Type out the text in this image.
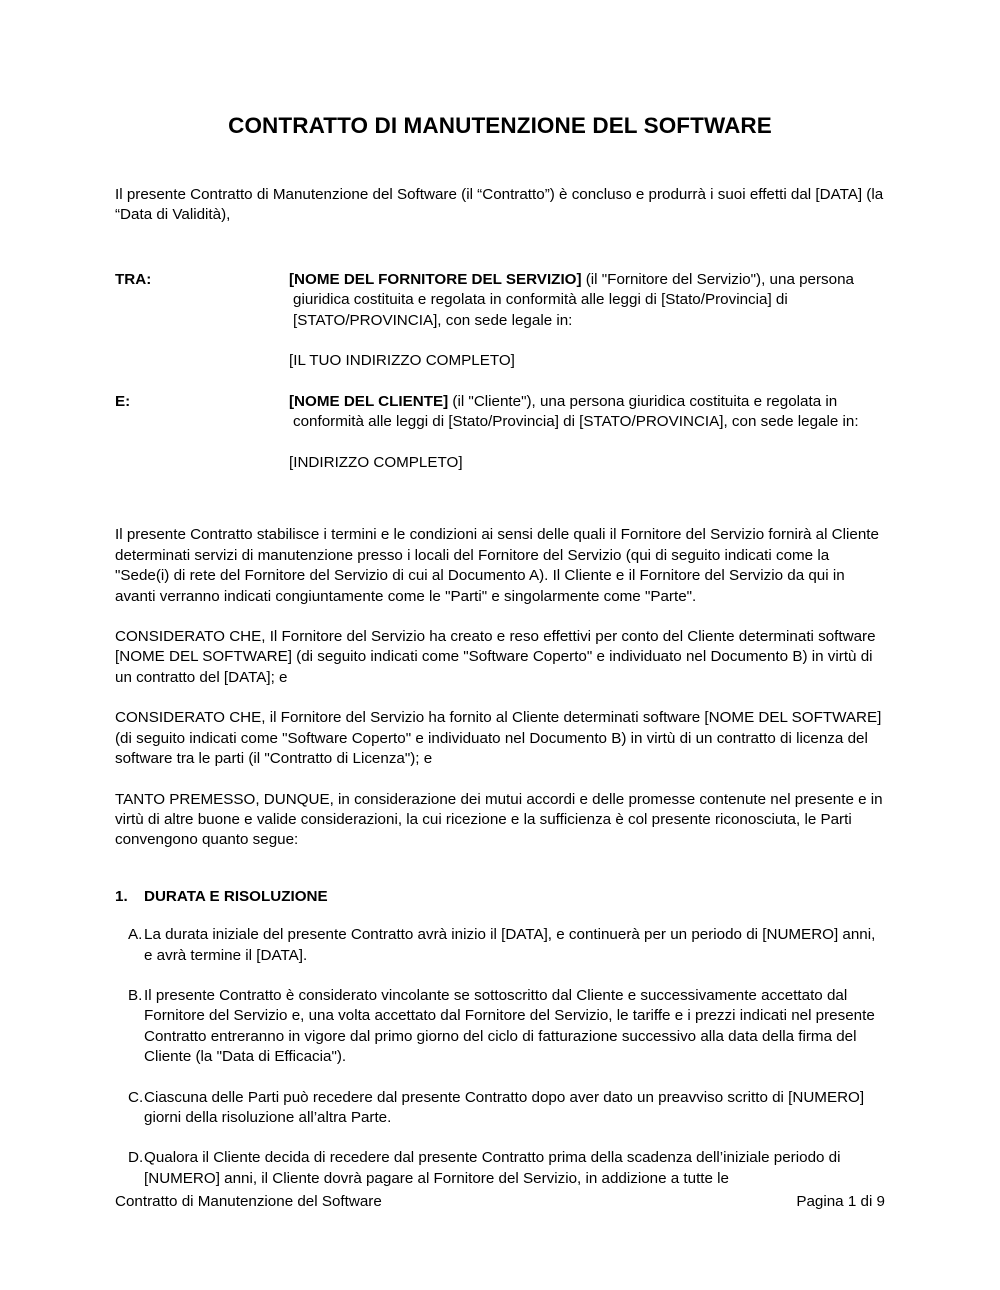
CONTRATTO DI MANUTENZIONE DEL SOFTWARE

Il presente Contratto di Manutenzione del Software (il “Contratto”) è concluso e produrrà i suoi effetti dal [DATA] (la “Data di Validità),

TRA:	[NOME DEL FORNITORE DEL SERVIZIO] (il "Fornitore del Servizio"), una persona giuridica costituita e regolata in conformità alle leggi di [Stato/Provincia] di [STATO/PROVINCIA], con sede legale in:

[IL TUO INDIRIZZO COMPLETO]

E:	[NOME DEL CLIENTE] (il "Cliente"), una persona giuridica costituita e regolata in conformità alle leggi di [Stato/Provincia] di [STATO/PROVINCIA], con sede legale in:

[INDIRIZZO COMPLETO]

Il presente Contratto stabilisce i termini e le condizioni ai sensi delle quali il Fornitore del Servizio fornirà al Cliente determinati servizi di manutenzione presso i locali del Fornitore del Servizio (qui di seguito indicati come la "Sede(i) di rete del Fornitore del Servizio di cui al Documento A). Il Cliente e il Fornitore del Servizio da qui in avanti verranno indicati congiuntamente come le "Parti" e singolarmente come "Parte".

CONSIDERATO CHE, Il Fornitore del Servizio ha creato e reso effettivi per conto del Cliente determinati software [NOME DEL SOFTWARE] (di seguito indicati come "Software Coperto" e individuato nel Documento B) in virtù di un contratto del [DATA]; e

CONSIDERATO CHE, il Fornitore del Servizio ha fornito al Cliente determinati software [NOME DEL SOFTWARE] (di seguito indicati come "Software Coperto" e individuato nel Documento B) in virtù di un contratto di licenza del software tra le parti (il "Contratto di Licenza"); e

TANTO PREMESSO, DUNQUE, in considerazione dei mutui accordi e delle promesse contenute nel presente e in virtù di altre buone e valide considerazioni, la cui ricezione e la sufficienza è col presente riconosciuta, le Parti convengono quanto segue:

1.	DURATA E RISOLUZIONE
A. La durata iniziale del presente Contratto avrà inizio il [DATA], e continuerà per un periodo di [NUMERO] anni, e avrà termine il [DATA].
B. Il presente Contratto è considerato vincolante se sottoscritto dal Cliente e successivamente accettato dal Fornitore del Servizio e, una volta accettato dal Fornitore del Servizio, le tariffe e i prezzi indicati nel presente Contratto entreranno in vigore dal primo giorno del ciclo di fatturazione successivo alla data della firma del Cliente (la "Data di Efficacia").
C. Ciascuna delle Parti può recedere dal presente Contratto dopo aver dato un preavviso scritto di [NUMERO] giorni della risoluzione all’altra Parte.
D. Qualora il Cliente decida di recedere dal presente Contratto prima della scadenza dell’iniziale periodo di [NUMERO] anni, il Cliente dovrà pagare al Fornitore del Servizio, in addizione a tutte le
Contratto di Manutenzione del Software	Pagina 1 di 9
